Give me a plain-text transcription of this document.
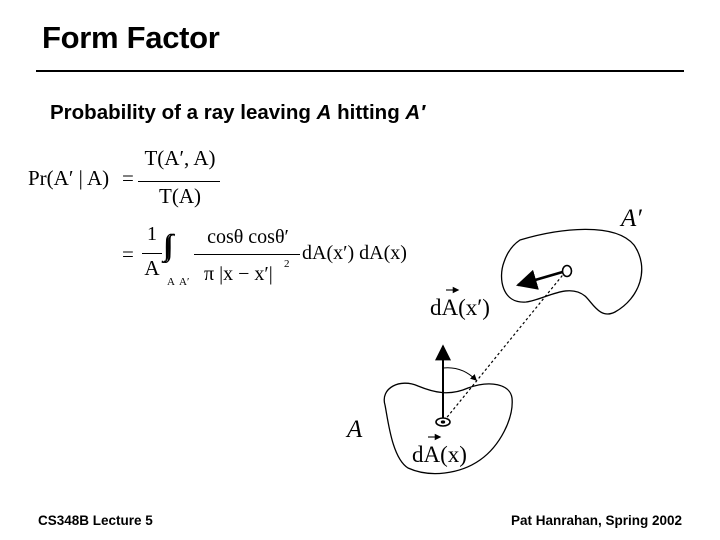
Form Factor
Probability of a ray leaving A hitting A′
Pr(A′ | A) =
T(A′, A)
T(A)
=
1
A
∫∫
A A′
cosθ cosθ′
π |x − x′| 2 dA(x′) dA(x)
A′
A
dA(x′)
dA(x)
CS348B Lecture 5	Pat Hanrahan, Spring 2002
